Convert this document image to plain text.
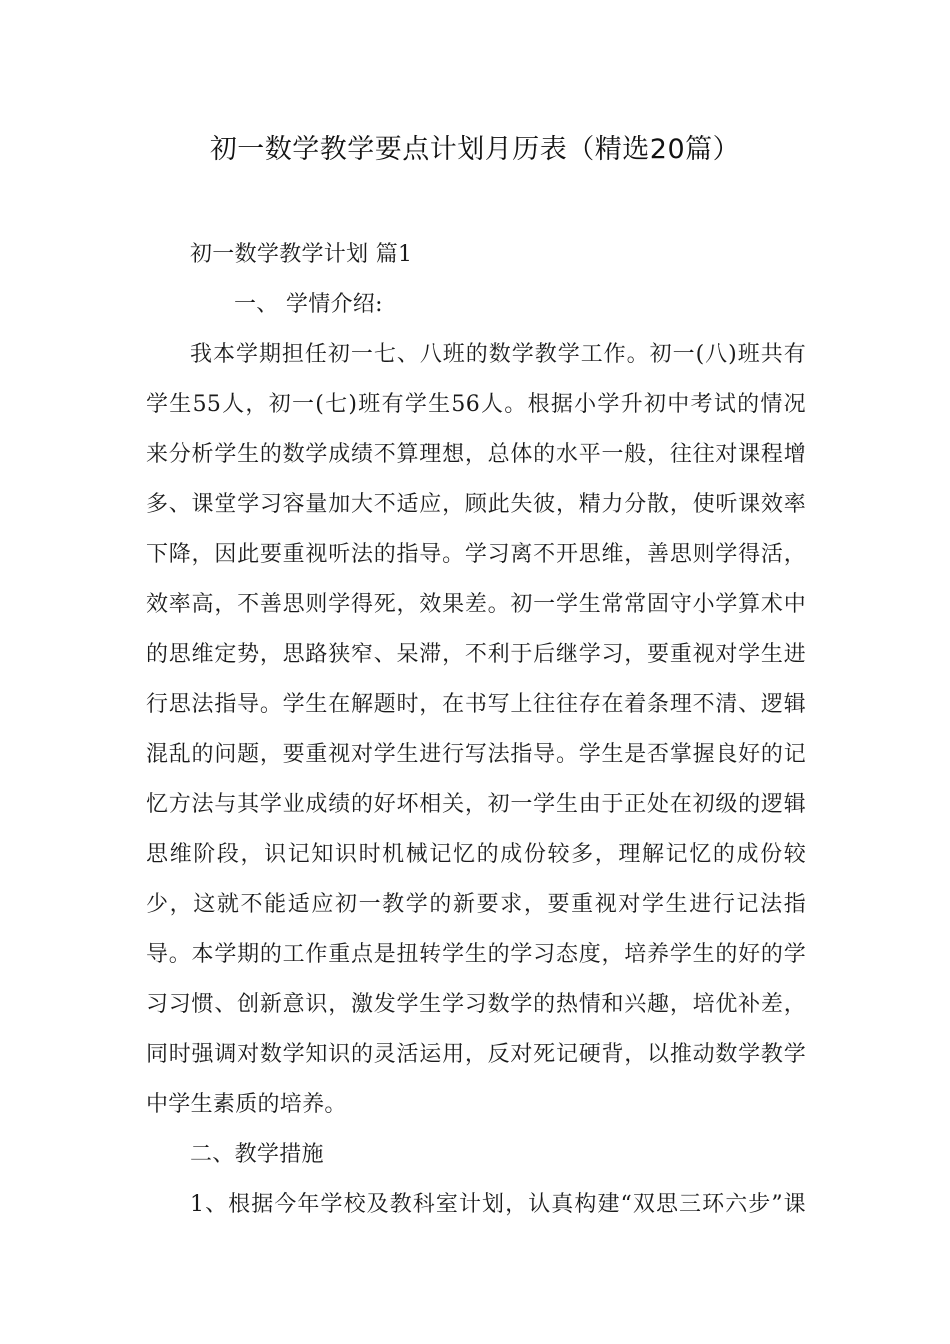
初一数学教学要点计划月历表（精选20篇）
初一数学教学计划 篇1
一、 学情介绍:
我本学期担任初一七、八班的数学教学工作。初一(八)班共有
学生55人，初一(七)班有学生56人。根据小学升初中考试的情况
来分析学生的数学成绩不算理想，总体的水平一般，往往对课程增
多、课堂学习容量加大不适应，顾此失彼，精力分散，使听课效率
下降，因此要重视听法的指导。学习离不开思维，善思则学得活，
效率高，不善思则学得死，效果差。初一学生常常固守小学算术中
的思维定势，思路狭窄、呆滞，不利于后继学习，要重视对学生进
行思法指导。学生在解题时，在书写上往往存在着条理不清、逻辑
混乱的问题，要重视对学生进行写法指导。学生是否掌握良好的记
忆方法与其学业成绩的好坏相关，初一学生由于正处在初级的逻辑
思维阶段，识记知识时机械记忆的成份较多，理解记忆的成份较
少，这就不能适应初一教学的新要求，要重视对学生进行记法指
导。本学期的工作重点是扭转学生的学习态度，培养学生的好的学
习习惯、创新意识，激发学生学习数学的热情和兴趣，培优补差，
同时强调对数学知识的灵活运用，反对死记硬背，以推动数学教学
中学生素质的培养。
二、教学措施
1、根据今年学校及教科室计划，认真构建“双思三环六步”课
